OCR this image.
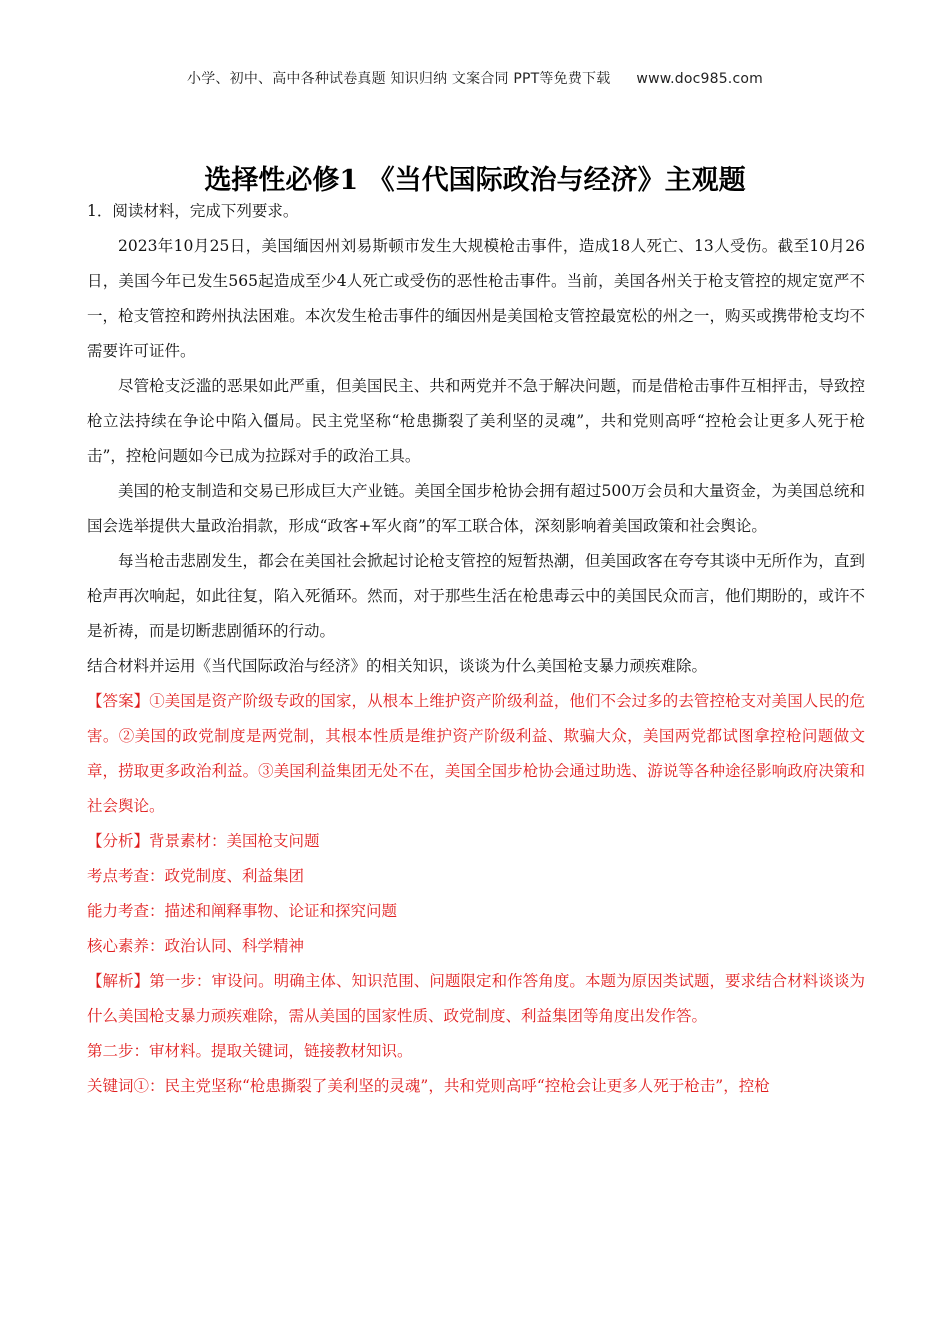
小学、初中、高中各种试卷真题 知识归纳 文案合同 PPT等免费下载 www.doc985.com
选择性必修1 《当代国际政治与经济》主观题

1．阅读材料，完成下列要求。

2023年10月25日，美国缅因州刘易斯顿市发生大规模枪击事件，造成18人死亡、13人受伤。截至10月26日，美国今年已发生565起造成至少4人死亡或受伤的恶性枪击事件。当前，美国各州关于枪支管控的规定宽严不一，枪支管控和跨州执法困难。本次发生枪击事件的缅因州是美国枪支管控最宽松的州之一，购买或携带枪支均不需要许可证件。

尽管枪支泛滥的恶果如此严重，但美国民主、共和两党并不急于解决问题，而是借枪击事件互相抨击，导致控枪立法持续在争论中陷入僵局。民主党坚称“枪患撕裂了美利坚的灵魂”，共和党则高呼“控枪会让更多人死于枪击”，控枪问题如今已成为拉踩对手的政治工具。

美国的枪支制造和交易已形成巨大产业链。美国全国步枪协会拥有超过500万会员和大量资金，为美国总统和国会选举提供大量政治捐款，形成“政客+军火商”的军工联合体，深刻影响着美国政策和社会舆论。

每当枪击悲剧发生，都会在美国社会掀起讨论枪支管控的短暂热潮，但美国政客在夸夸其谈中无所作为，直到枪声再次响起，如此往复，陷入死循环。然而，对于那些生活在枪患毒云中的美国民众而言，他们期盼的，或许不是祈祷，而是切断悲剧循环的行动。

结合材料并运用《当代国际政治与经济》的相关知识，谈谈为什么美国枪支暴力顽疾难除。

【答案】①美国是资产阶级专政的国家，从根本上维护资产阶级利益，他们不会过多的去管控枪支对美国人民的危害。②美国的政党制度是两党制，其根本性质是维护资产阶级利益、欺骗大众，美国两党都试图拿控枪问题做文章，捞取更多政治利益。③美国利益集团无处不在，美国全国步枪协会通过助选、游说等各种途径影响政府决策和社会舆论。

【分析】背景素材：美国枪支问题

考点考查：政党制度、利益集团

能力考查：描述和阐释事物、论证和探究问题

核心素养：政治认同、科学精神

【解析】第一步：审设问。明确主体、知识范围、问题限定和作答角度。本题为原因类试题，要求结合材料谈谈为什么美国枪支暴力顽疾难除，需从美国的国家性质、政党制度、利益集团等角度出发作答。

第二步：审材料。提取关键词，链接教材知识。

关键词①：民主党坚称“枪患撕裂了美利坚的灵魂”，共和党则高呼“控枪会让更多人死于枪击”，控枪
